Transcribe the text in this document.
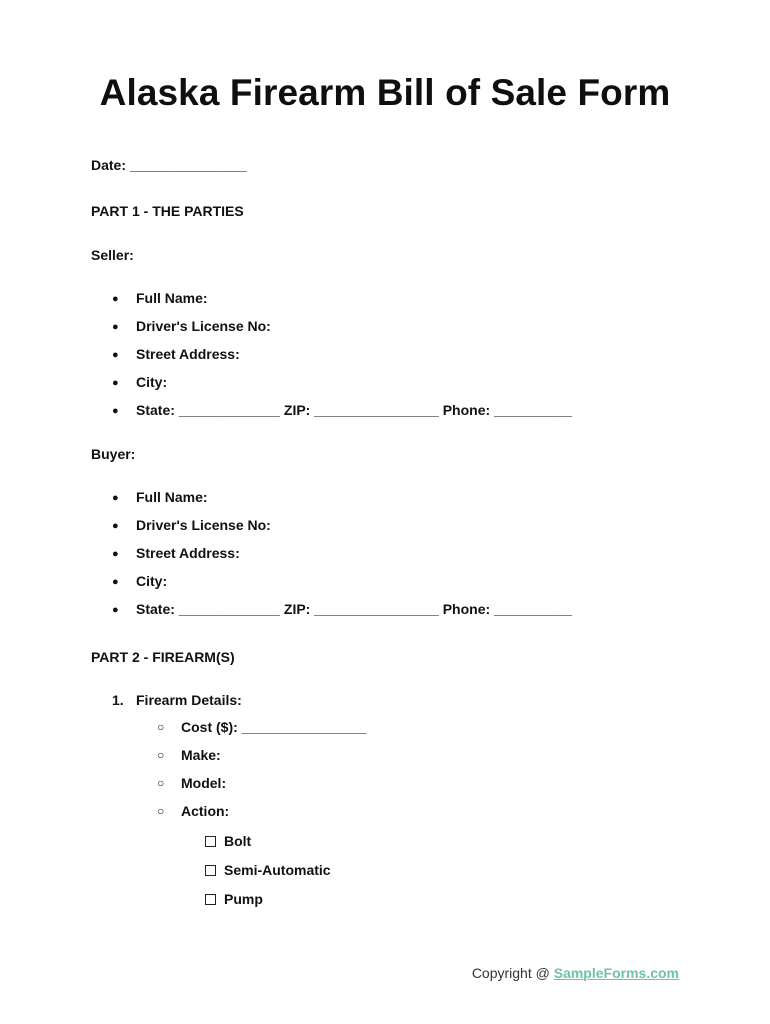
Alaska Firearm Bill of Sale Form
Date: _______________
PART 1 - THE PARTIES
Seller:
● Full Name:
● Driver's License No:
● Street Address:
● City:
● State: _____________ ZIP: ________________ Phone: __________
Buyer:
● Full Name:
● Driver's License No:
● Street Address:
● City:
● State: _____________ ZIP: ________________ Phone: __________
PART 2 - FIREARM(S)
1. Firearm Details:
○ Cost ($): ________________
○ Make:
○ Model:
○ Action:
Bolt
Semi-Automatic
Pump
Copyright @ SampleForms.com
